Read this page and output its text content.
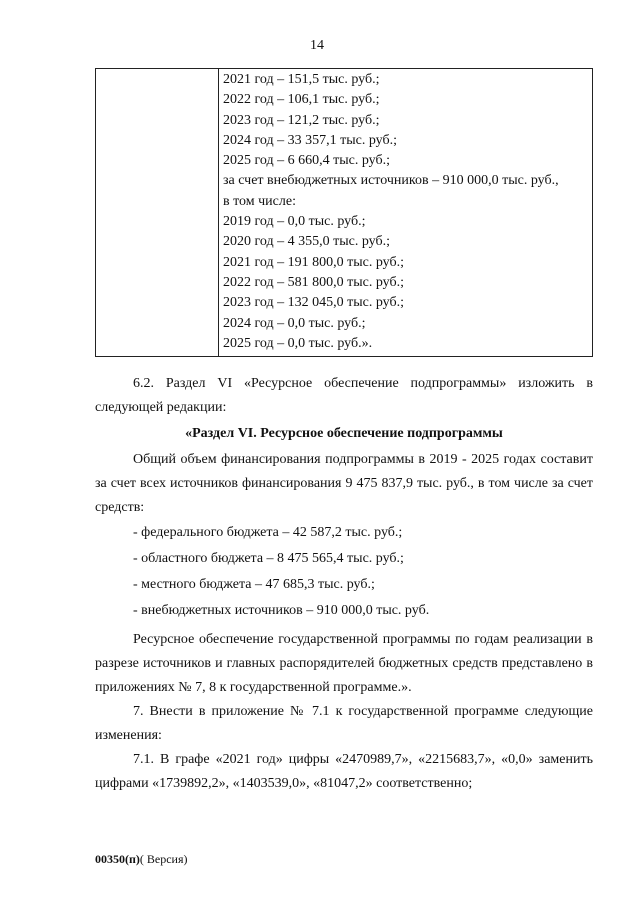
14

2021 год – 151,5 тыс. руб.;
2022 год – 106,1 тыс. руб.;
2023 год – 121,2 тыс. руб.;
2024 год – 33 357,1 тыс. руб.;
2025 год – 6 660,4 тыс. руб.;
за счет внебюджетных источников – 910 000,0 тыс. руб.,
в том числе:
2019 год – 0,0 тыс. руб.;
2020 год – 4 355,0 тыс. руб.;
2021 год – 191 800,0 тыс. руб.;
2022 год – 581 800,0 тыс. руб.;
2023 год – 132 045,0 тыс. руб.;
2024 год – 0,0 тыс. руб.;
2025 год – 0,0 тыс. руб.».

6.2. Раздел VI «Ресурсное обеспечение подпрограммы» изложить в следующей редакции:

«Раздел VI. Ресурсное обеспечение подпрограммы

Общий объем финансирования подпрограммы в 2019 - 2025 годах составит за счет всех источников финансирования 9 475 837,9 тыс. руб., в том числе за счет средств:

- федерального бюджета – 42 587,2 тыс. руб.;

- областного бюджета – 8 475 565,4 тыс. руб.;

- местного бюджета – 47 685,3 тыс. руб.;

- внебюджетных источников – 910 000,0 тыс. руб.

Ресурсное обеспечение государственной программы по годам реализации в разрезе источников и главных распорядителей бюджетных средств представлено в приложениях № 7, 8 к государственной программе.».

7. Внести в приложение № 7.1 к государственной программе следующие изменения:

7.1. В графе «2021 год» цифры «2470989,7», «2215683,7», «0,0» заменить цифрами «1739892,2», «1403539,0», «81047,2» соответственно;

00350(п)( Версия)
